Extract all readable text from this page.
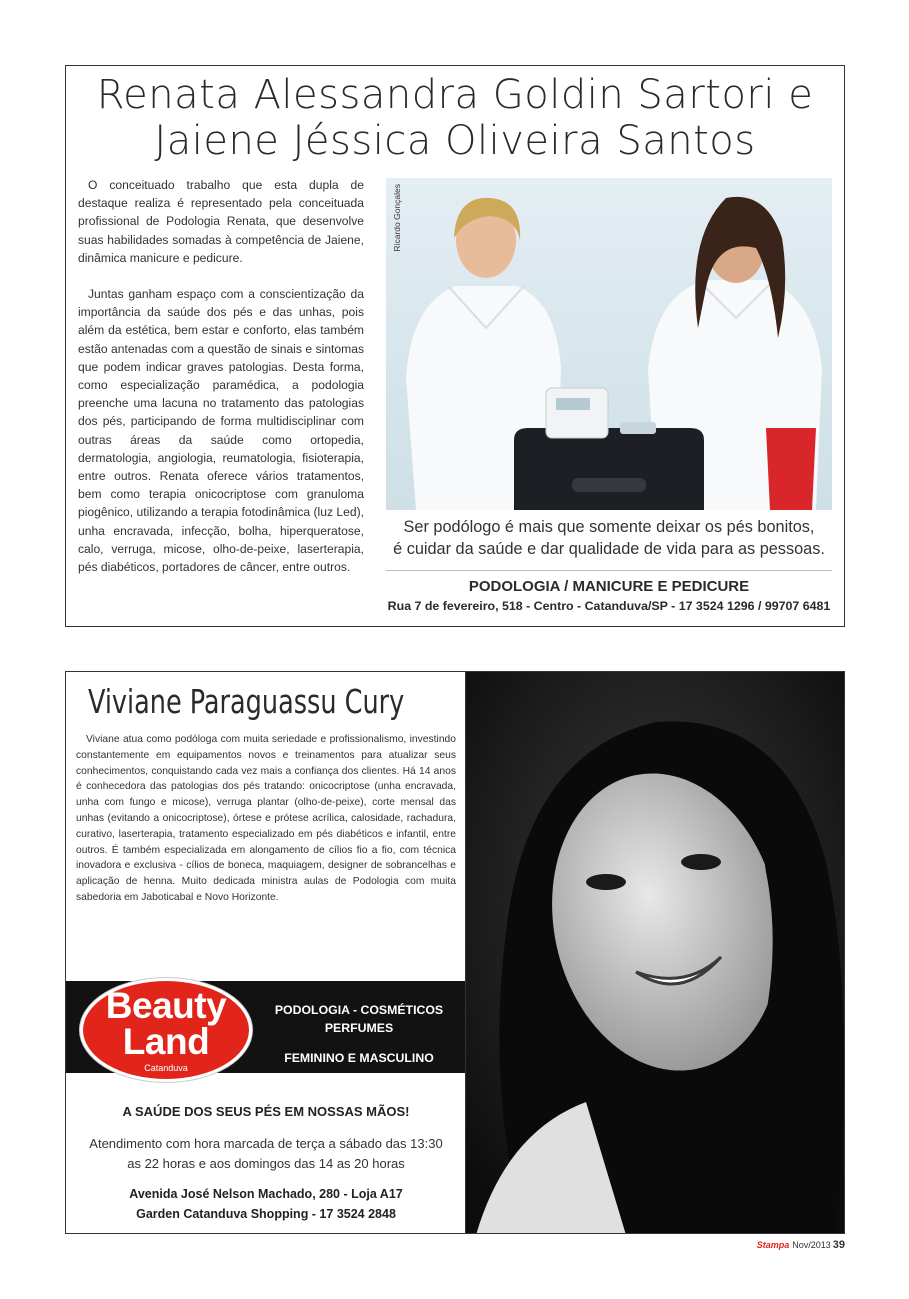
Renata Alessandra Goldin Sartori e
Jaiene Jéssica Oliveira Santos

O conceituado trabalho que esta dupla de destaque realiza é representado pela conceituada profissional de Podologia Renata, que desenvolve suas habilidades somadas à competência de Jaiene, dinâmica manicure e pedicure.

Juntas ganham espaço com a conscientização da importância da saúde dos pés e das unhas, pois além da estética, bem estar e conforto, elas também estão antenadas com a questão de sinais e sintomas que podem indicar graves patologias. Desta forma, como especialização paramédica, a podologia preenche uma lacuna no tratamento das patologias dos pés, participando de forma multidisciplinar com outras áreas da saúde como ortopedia, dermatologia, angiologia, reumatologia, fisioterapia, entre outros. Renata oferece vários tratamentos, bem como terapia onicocriptose com granuloma piogênico, utilizando a terapia fotodinâmica (luz Led), unha encravada, infecção, bolha, hiperqueratose, calo, verruga, micose, olho-de-peixe, laserterapia, pés diabéticos, portadores de câncer, entre outros.

Ricardo Gonçales
Ser podólogo é mais que somente deixar os pés bonitos,
é cuidar da saúde e dar qualidade de vida para as pessoas.
PODOLOGIA / MANICURE E PEDICURE
Rua 7 de fevereiro, 518 - Centro - Catanduva/SP - 17 3524 1296 / 99707 6481
Viviane Paraguassu Cury

Viviane atua como podóloga com muita seriedade e profissionalismo, investindo constantemente em equipamentos novos e treinamentos para atualizar seus conhecimentos, conquistando cada vez mais a confiança dos clientes. Há 14 anos é conhecedora das patologias dos pés tratando: onicocriptose (unha encravada, unha com fungo e micose), verruga plantar (olho-de-peixe), corte mensal das unhas (evitando a onicocriptose), órtese e prótese acrílica, calosidade, rachadura, curativo, laserterapia, tratamento especializado em pés diabéticos e infantil, entre outros. É também especializada em alongamento de cílios fio a fio, com técnica inovadora e exclusiva - cílios de boneca, maquiagem, designer de sobrancelhas e aplicação de henna. Muito dedicada ministra aulas de Podologia com muita sabedoria em Jaboticabal e Novo Horizonte.

Beauty
Land
Catanduva
PODOLOGIA - COSMÉTICOS
PERFUMES
FEMININO E MASCULINO
A SAÚDE DOS SEUS PÉS EM NOSSAS MÃOS!
Atendimento com hora marcada de terça a sábado das 13:30
as 22 horas e aos domingos das 14 as 20 horas
Avenida José Nelson Machado, 280 - Loja A17
Garden Catanduva Shopping - 17 3524 2848
Stampa Nov/2013 39
